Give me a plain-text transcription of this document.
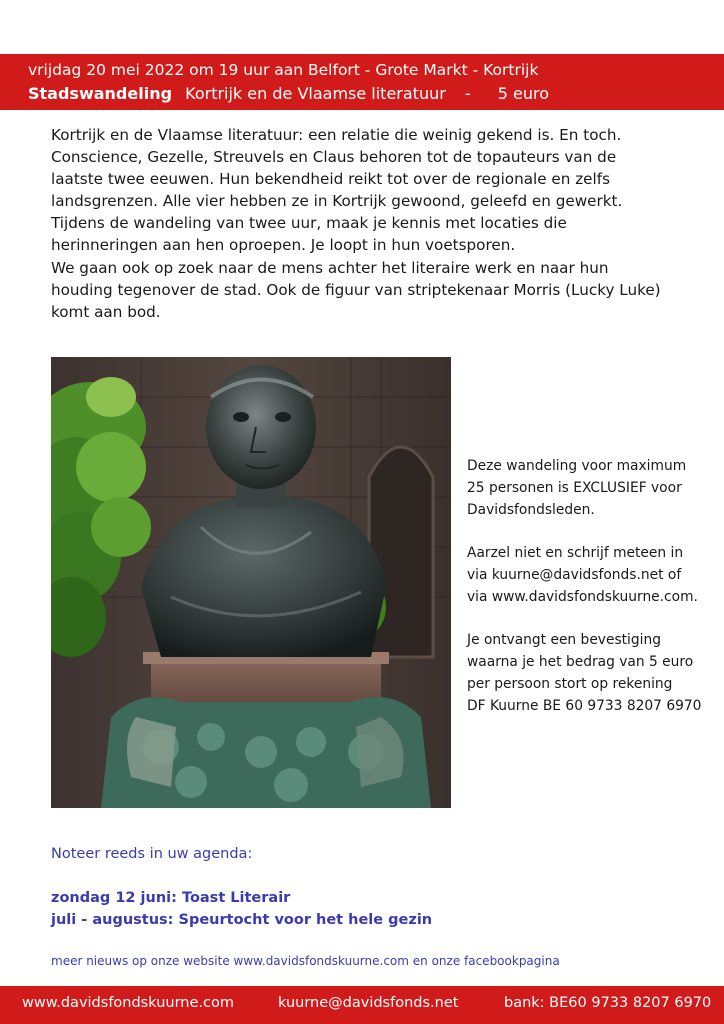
vrijdag 20 mei 2022 om 19 uur aan Belfort - Grote Markt - Kortrijk
Stadswandeling Kortrijk en de Vlaamse literatuur - 5 euro

Kortrijk en de Vlaamse literatuur: een relatie die weinig gekend is. En toch.

Conscience, Gezelle, Streuvels en Claus behoren tot de topauteurs van de

laatste twee eeuwen. Hun bekendheid reikt tot over de regionale en zelfs

landsgrenzen. Alle vier hebben ze in Kortrijk gewoond, geleefd en gewerkt.

Tijdens de wandeling van twee uur, maak je kennis met locaties die

herinneringen aan hen oproepen. Je loopt in hun voetsporen.

We gaan ook op zoek naar de mens achter het literaire werk en naar hun

houding tegenover de stad. Ook de figuur van striptekenaar Morris (Lucky Luke)

komt aan bod.

Deze wandeling voor maximum
25 personen is EXCLUSIEF voor
Davidsfondsleden.

Aarzel niet en schrijf meteen in
via kuurne@davidsfonds.net of
via www.davidsfondskuurne.com.

Je ontvangt een bevestiging
waarna je het bedrag van 5 euro
per persoon stort op rekening
DF Kuurne BE 60 9733 8207 6970

Noteer reeds in uw agenda:
zondag 12 juni: Toast Literair
juli - augustus: Speurtocht voor het hele gezin
meer nieuws op onze website www.davidsfondskuurne.com en onze facebookpagina
www.davidsfondskuurne.com	kuurne@davidsfonds.net	bank: BE60 9733 8207 6970
